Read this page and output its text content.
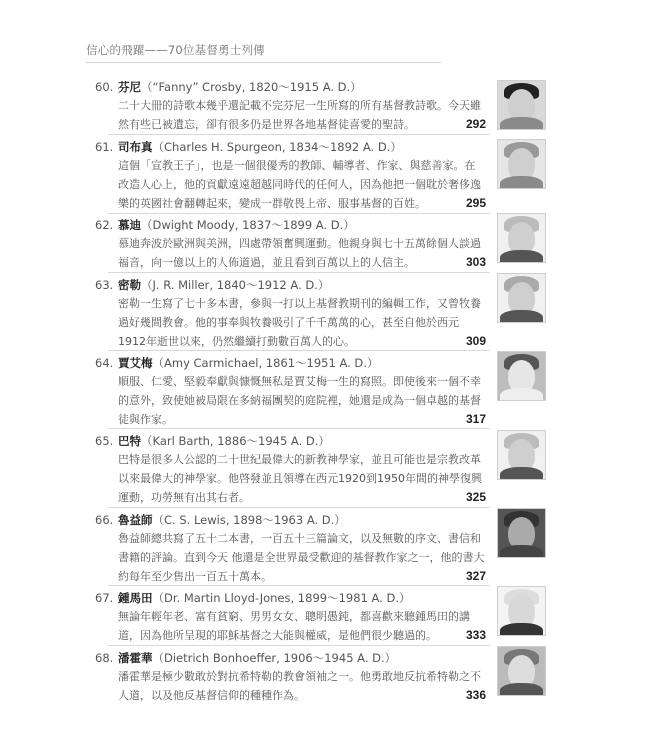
信心的飛躍——70位基督勇士列傳
60. 芬尼（“Fanny” Crosby, 1820～1915 A. D.）
二十大冊的詩歌本幾乎還記載不完芬尼一生所寫的所有基督教詩歌。今天雖然有些已被遺忘，卻有很多仍是世界各地基督徒喜愛的聖詩。	292
61. 司布真（Charles H. Spurgeon, 1834～1892 A. D.）
這個「宣教王子」，也是一個很優秀的教師、輔導者、作家、與慈善家。在改造人心上，他的貢獻遠遠超越同時代的任何人，因為他把一個耽於奢侈逸樂的英國社會翻轉起來，變成一群敬畏上帝、服事基督的百姓。	295
62. 慕迪（Dwight Moody, 1837～1899 A. D.）
慕迪奔波於歐洲與美洲，四處帶領奮興運動。他親身與七十五萬餘個人談過福音，向一億以上的人佈道過，並且看到百萬以上的人信主。	303
63. 密勒（J. R. Miller, 1840～1912 A. D.）
密勒一生寫了七十多本書，參與一打以上基督教期刊的編輯工作，又曾牧養過好幾間教會。他的事奉與牧養吸引了千千萬萬的心，甚至自他於西元1912年逝世以來，仍然繼續打動數百萬人的心。	309
64. 賈艾梅（Amy Carmichael, 1861～1951 A. D.）
順服、仁愛、堅毅奉獻與慷慨無私是賈艾梅一生的寫照。即使後來一個不幸的意外，致使她被局限在多納福團契的庭院裡，她還是成為一個卓越的基督徒與作家。	317
65. 巴特（Karl Barth, 1886～1945 A. D.）
巴特是很多人公認的二十世紀最偉大的新教神學家，並且可能也是宗教改革以來最偉大的神學家。他啓發並且領導在西元1920到1950年間的神學復興運動，功勞無有出其右者。	325
66. 魯益師（C. S. Lewis, 1898～1963 A. D.）
魯益師總共寫了五十二本書，一百五十三篇論文，以及無數的序文、書信和書籍的評論。直到今天 他還是全世界最受歡迎的基督教作家之一，他的書大約每年至少售出一百五十萬本。	327
67. 鍾馬田（Dr. Martin Lloyd-Jones, 1899～1981 A. D.）
無論年輕年老、富有貧窮、男男女女、聰明愚鈍，都喜歡來聽鍾馬田的講道，因為他所呈現的耶穌基督之大能與權威，是他們很少聽過的。	333
68. 潘霍華（Dietrich Bonhoeffer, 1906～1945 A. D.）
潘霍華是極少數敢於對抗希特勒的教會領袖之一。他勇敢地反抗希特勒之不人道，以及他反基督信仰的種種作為。	336
